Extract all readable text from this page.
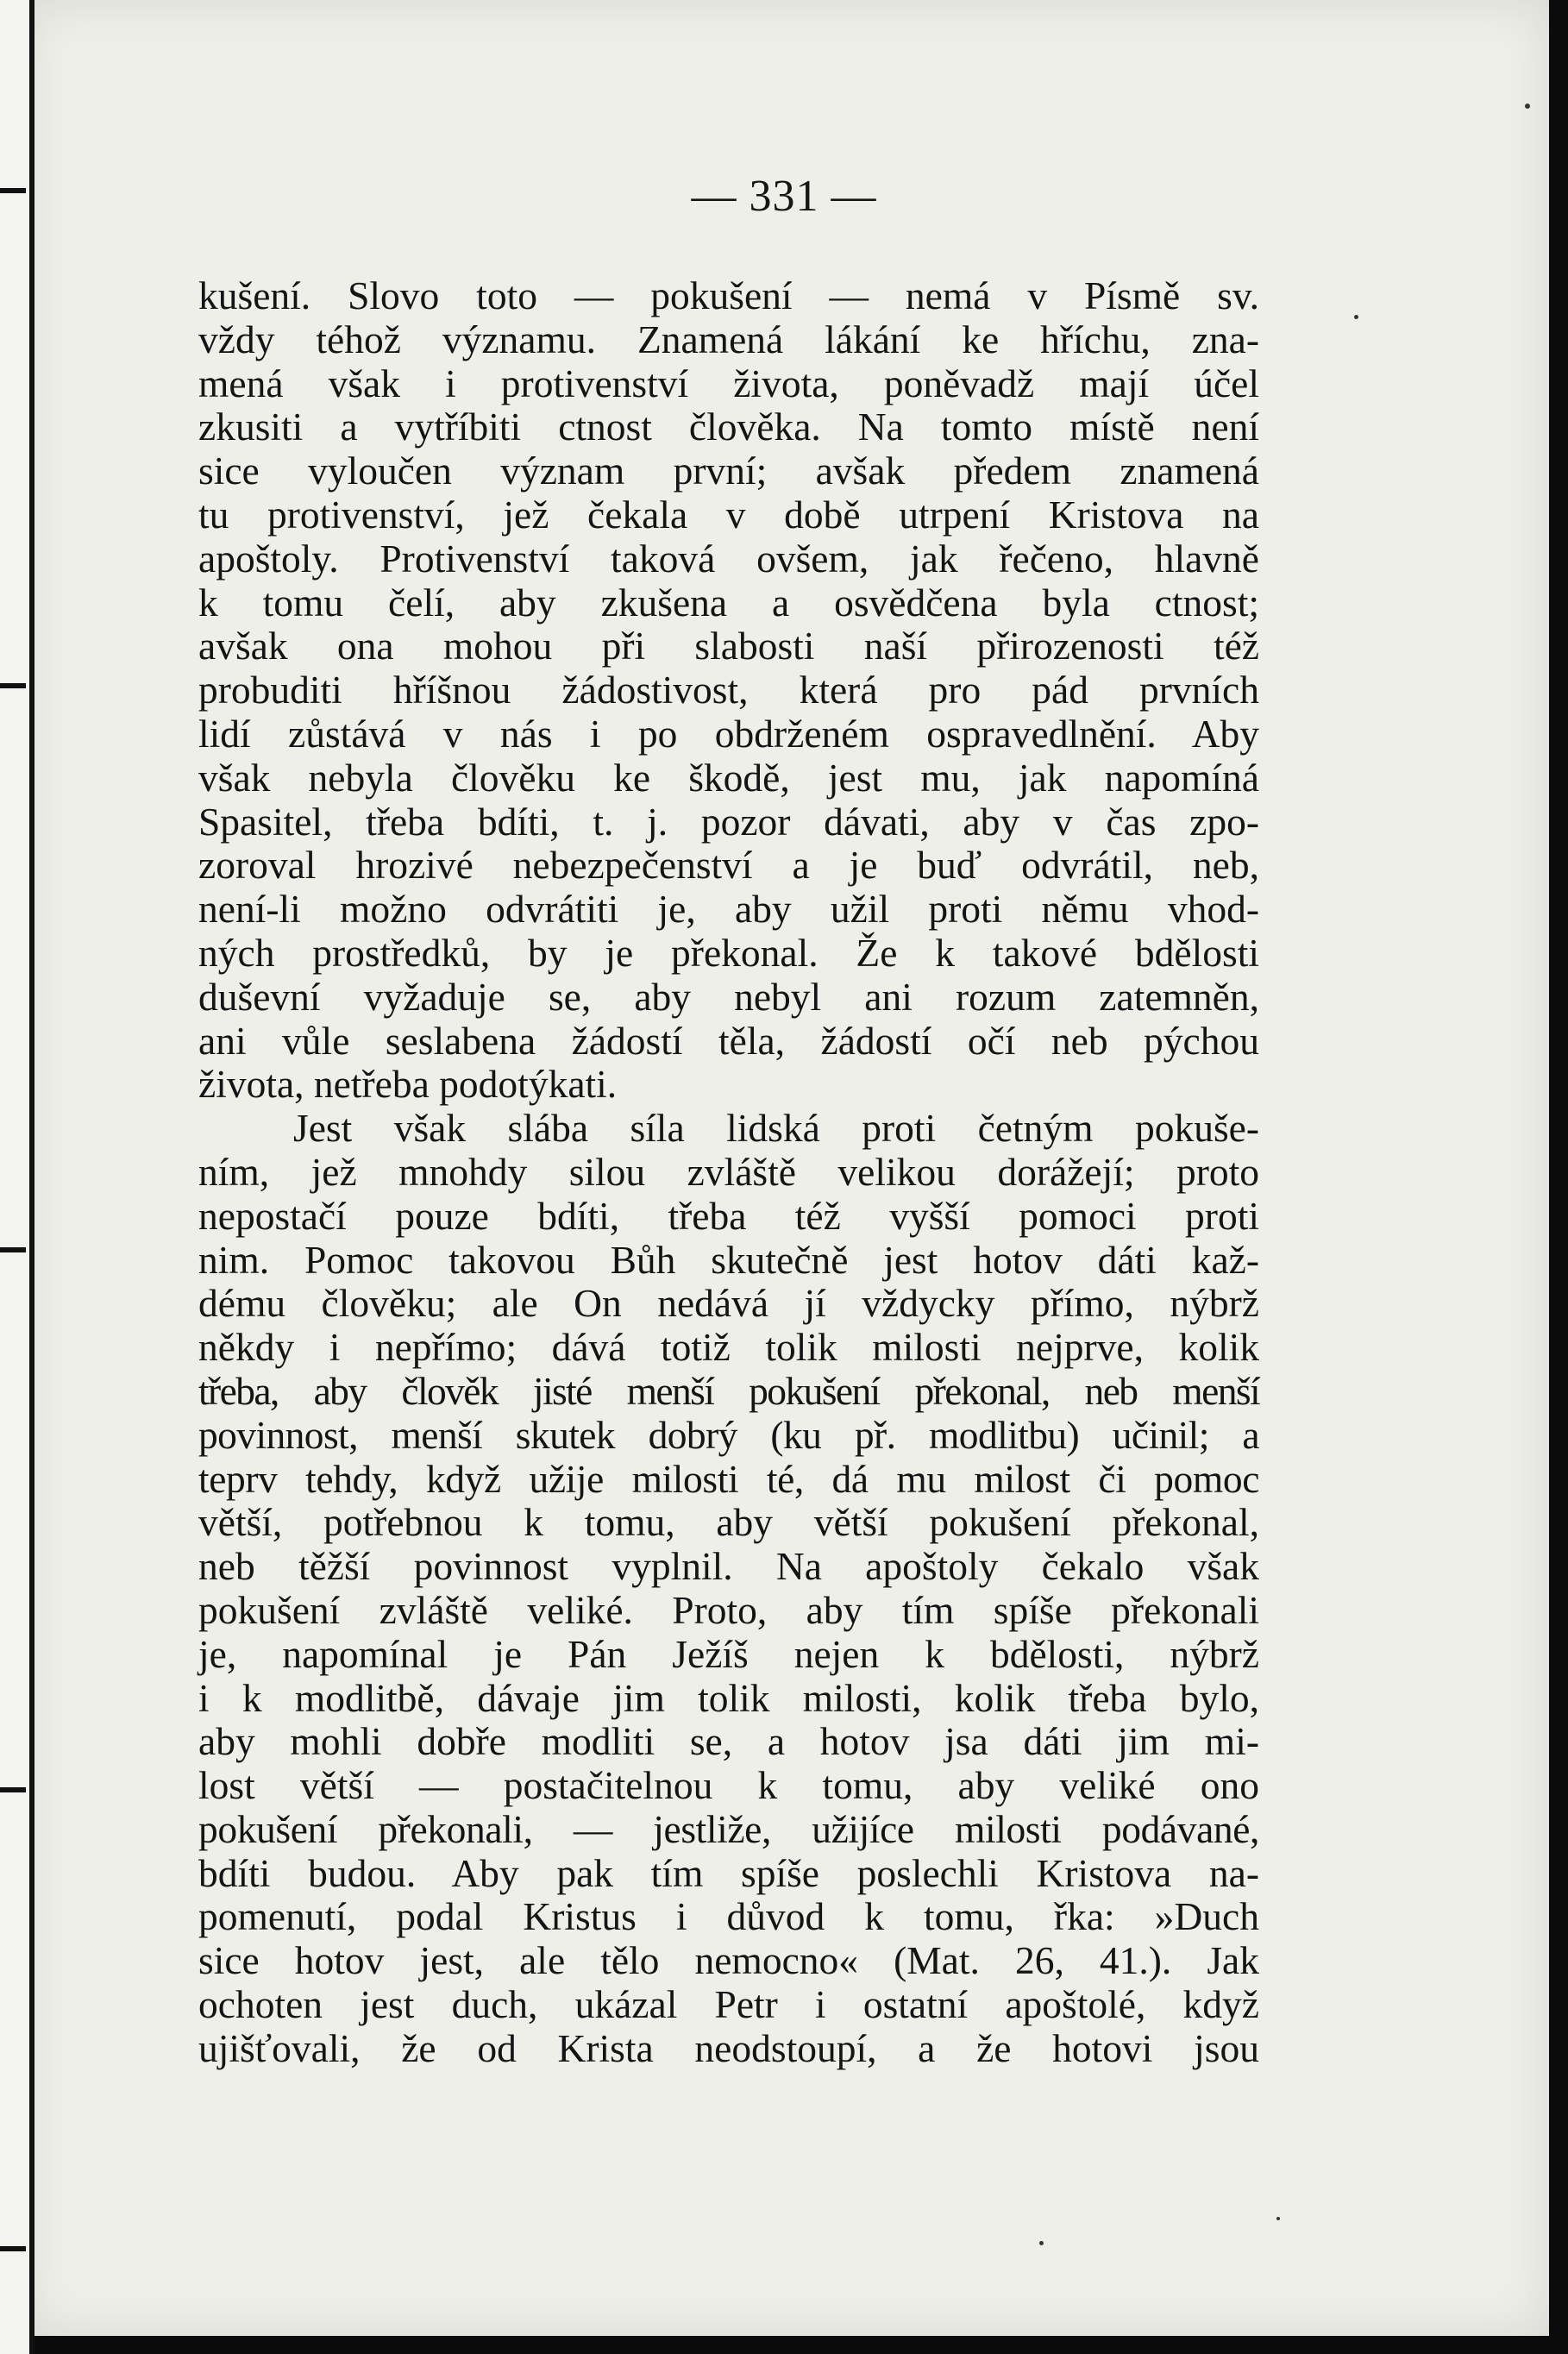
— 331 —
kušení. Slovo toto — pokušení — nemá v Písmě sv.
vždy téhož významu. Znamená lákání ke hříchu, zna-
mená však i protivenství života, poněvadž mají účel
zkusiti a vytříbiti ctnost člověka. Na tomto místě není
sice vyloučen význam první; avšak předem znamená
tu protivenství, jež čekala v době utrpení Kristova na
apoštoly. Protivenství taková ovšem, jak řečeno, hlavně
k tomu čelí, aby zkušena a osvědčena byla ctnost;
avšak ona mohou při slabosti naší přirozenosti též
probuditi hříšnou žádostivost, která pro pád prvních
lidí zůstává v nás i po obdrženém ospravedlnění. Aby
však nebyla člověku ke škodě, jest mu, jak napomíná
Spasitel, třeba bdíti, t. j. pozor dávati, aby v čas zpo-
zoroval hrozivé nebezpečenství a je buď odvrátil, neb,
není-li možno odvrátiti je, aby užil proti němu vhod-
ných prostředků, by je překonal. Že k takové bdělosti
duševní vyžaduje se, aby nebyl ani rozum zatemněn,
ani vůle seslabena žádostí těla, žádostí očí neb pýchou
života, netřeba podotýkati.
Jest však slába síla lidská proti četným pokuše-
ním, jež mnohdy silou zvláště velikou dorážejí; proto
nepostačí pouze bdíti, třeba též vyšší pomoci proti
nim. Pomoc takovou Bůh skutečně jest hotov dáti kaž-
dému člověku; ale On nedává jí vždycky přímo, nýbrž
někdy i nepřímo; dává totiž tolik milosti nejprve, kolik
třeba, aby člověk jisté menší pokušení překonal, neb menší
povinnost, menší skutek dobrý (ku př. modlitbu) učinil; a
teprv tehdy, když užije milosti té, dá mu milost či pomoc
větší, potřebnou k tomu, aby větší pokušení překonal,
neb těžší povinnost vyplnil. Na apoštoly čekalo však
pokušení zvláště veliké. Proto, aby tím spíše překonali
je, napomínal je Pán Ježíš nejen k bdělosti, nýbrž
i k modlitbě, dávaje jim tolik milosti, kolik třeba bylo,
aby mohli dobře modliti se, a hotov jsa dáti jim mi-
lost větší — postačitelnou k tomu, aby veliké ono
pokušení překonali, — jestliže, užijíce milosti podávané,
bdíti budou. Aby pak tím spíše poslechli Kristova na-
pomenutí, podal Kristus i důvod k tomu, řka: »Duch
sice hotov jest, ale tělo nemocno« (Mat. 26, 41.). Jak
ochoten jest duch, ukázal Petr i ostatní apoštolé, když
ujišťovali, že od Krista neodstoupí, a že hotovi jsou
